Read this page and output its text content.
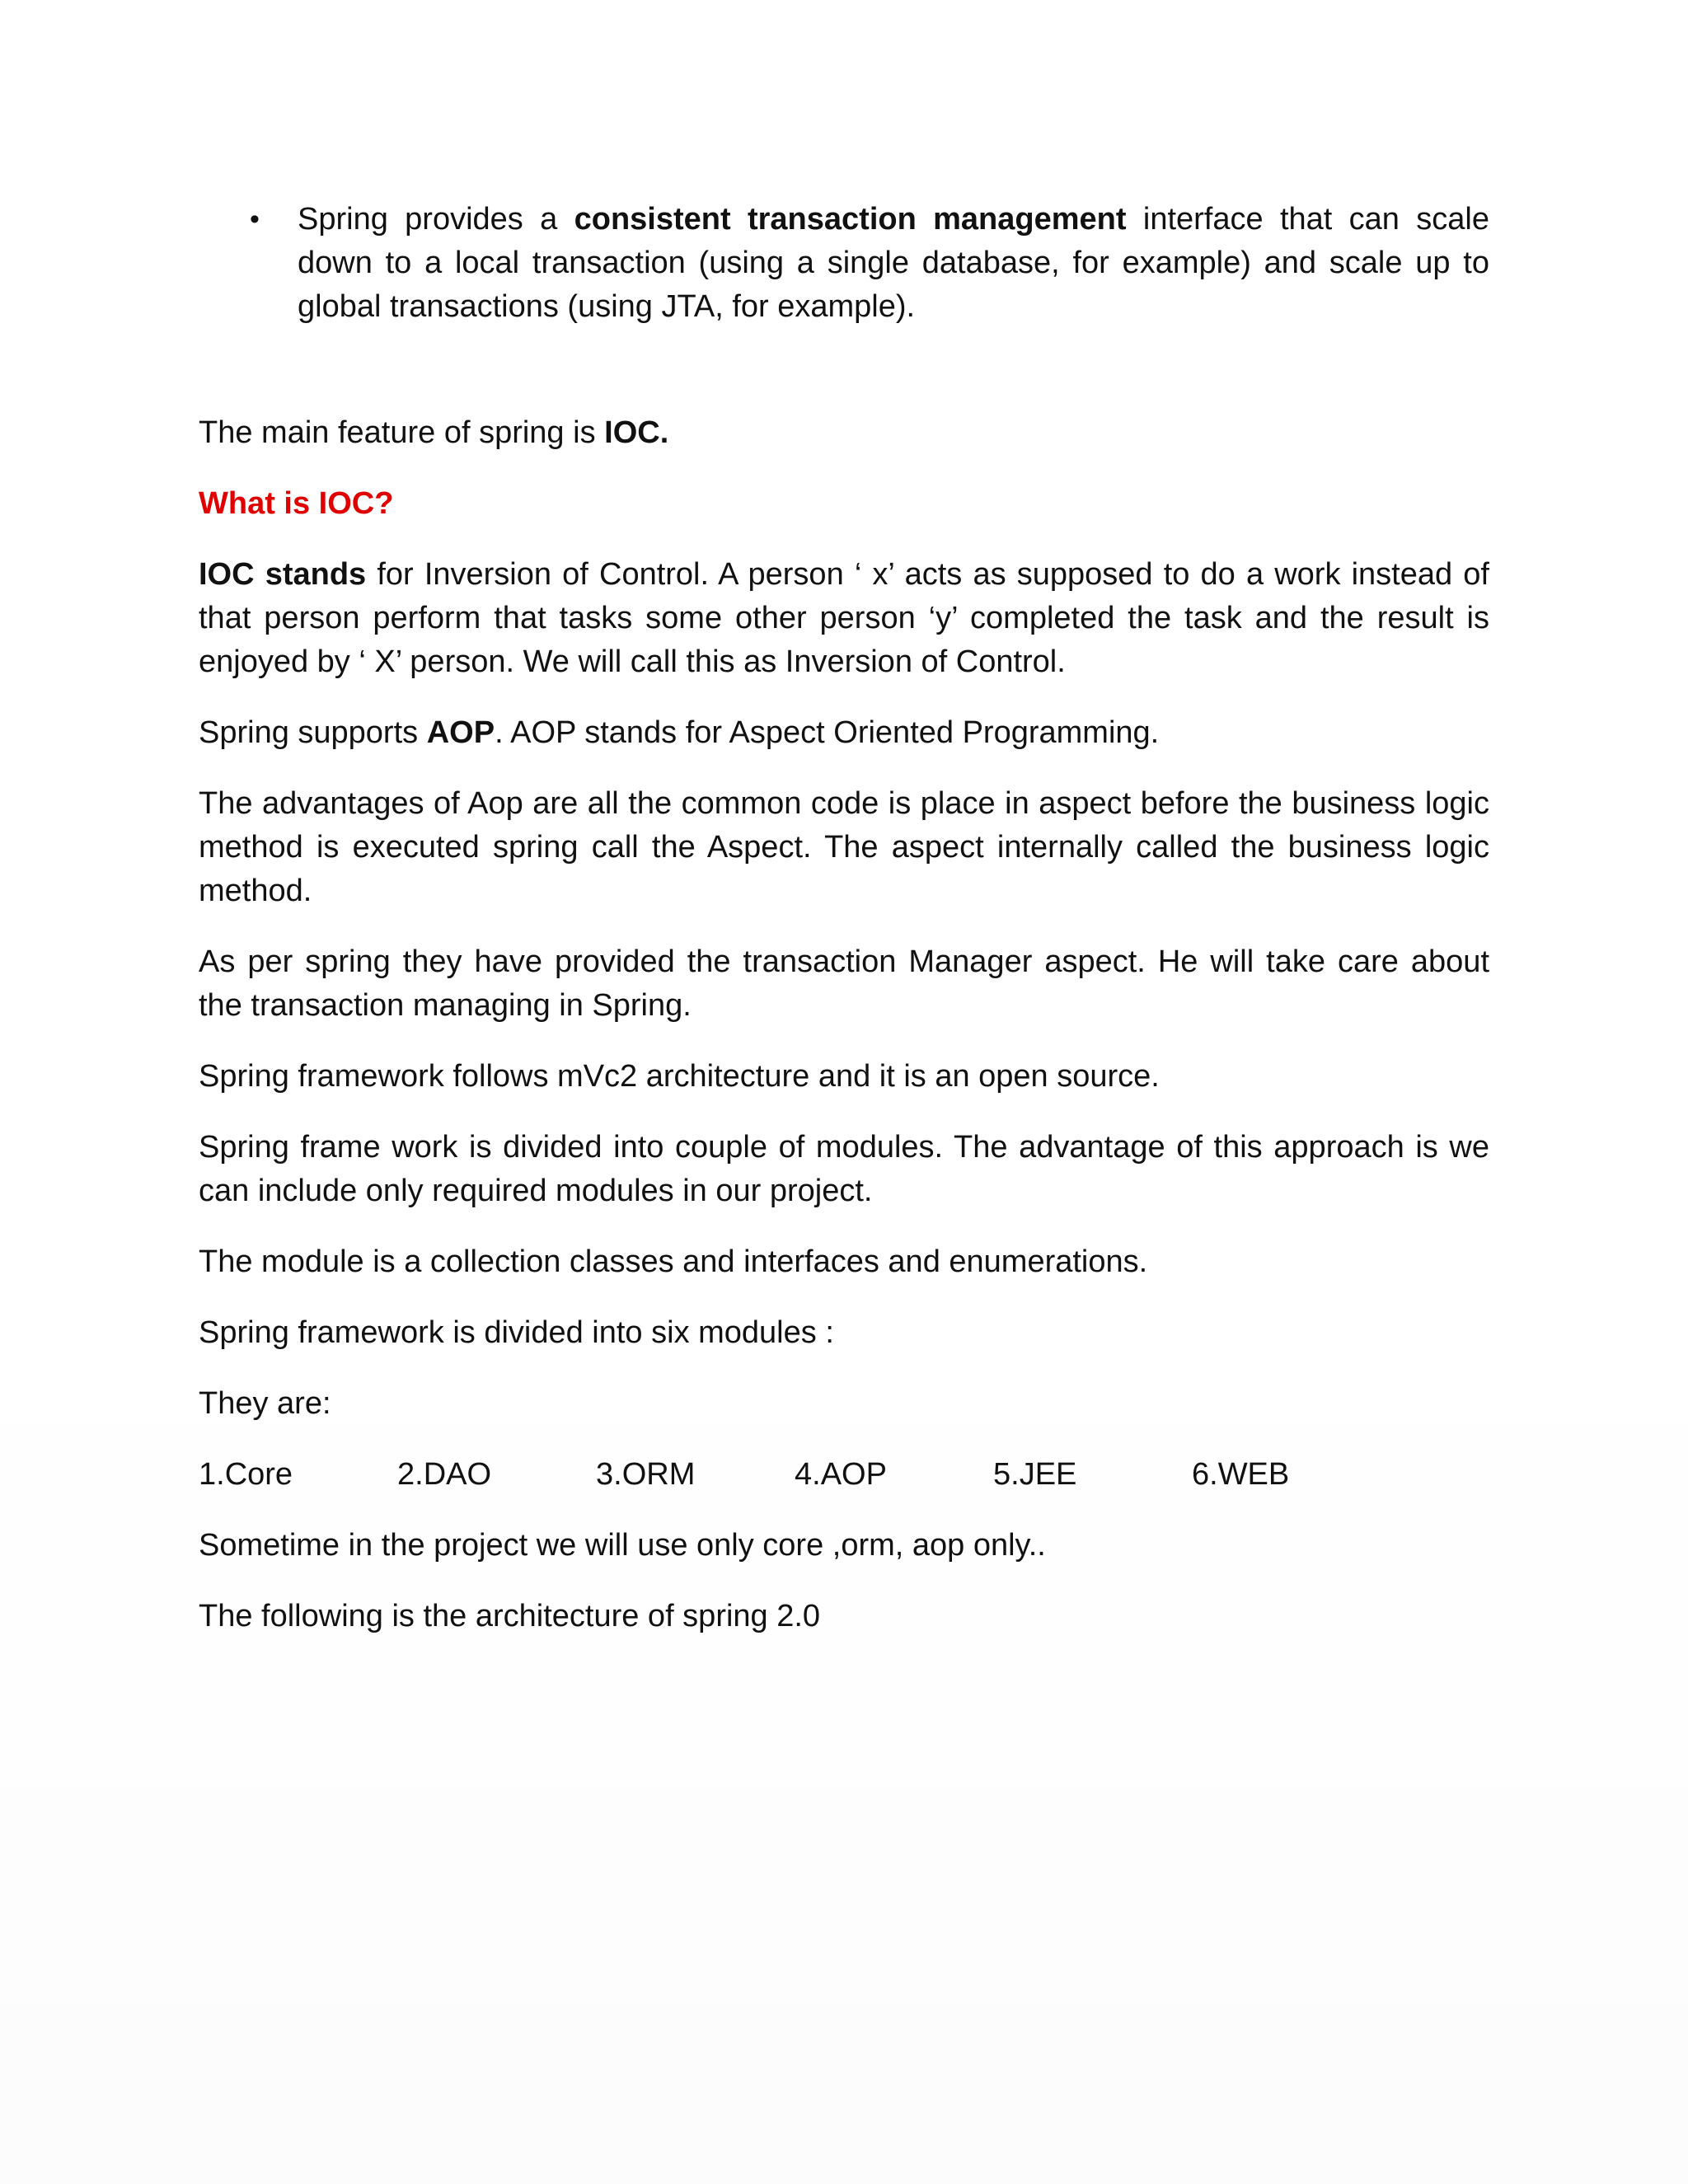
• Spring provides a consistent transaction management interface that can scale down to a local transaction (using a single database, for example) and scale up to global transactions (using JTA, for example).

The main feature of spring is IOC.

What is IOC?

IOC stands for Inversion of Control. A person ‘ x’ acts as supposed to do a work instead of that person perform that tasks some other person ‘y’ completed the task and the result is enjoyed by ‘ X’ person. We will call this as Inversion of Control.

Spring supports AOP. AOP stands for Aspect Oriented Programming.

The advantages of Aop are all the common code is place in aspect before the business logic method is executed spring call the Aspect. The aspect internally called the business logic method.

As per spring they have provided the transaction Manager aspect. He will take care about the transaction managing in Spring.

Spring framework follows mVc2 architecture and it is an open source.

Spring frame work is divided into couple of modules. The advantage of this approach is we can include only required modules in our project.

The module is a collection classes and interfaces and enumerations.

Spring framework is divided into six modules :

They are:

1.Core	2.DAO	3.ORM	4.AOP	5.JEE	6.WEB

Sometime in the project we will use only core ,orm, aop only..

The following is the architecture of spring 2.0
